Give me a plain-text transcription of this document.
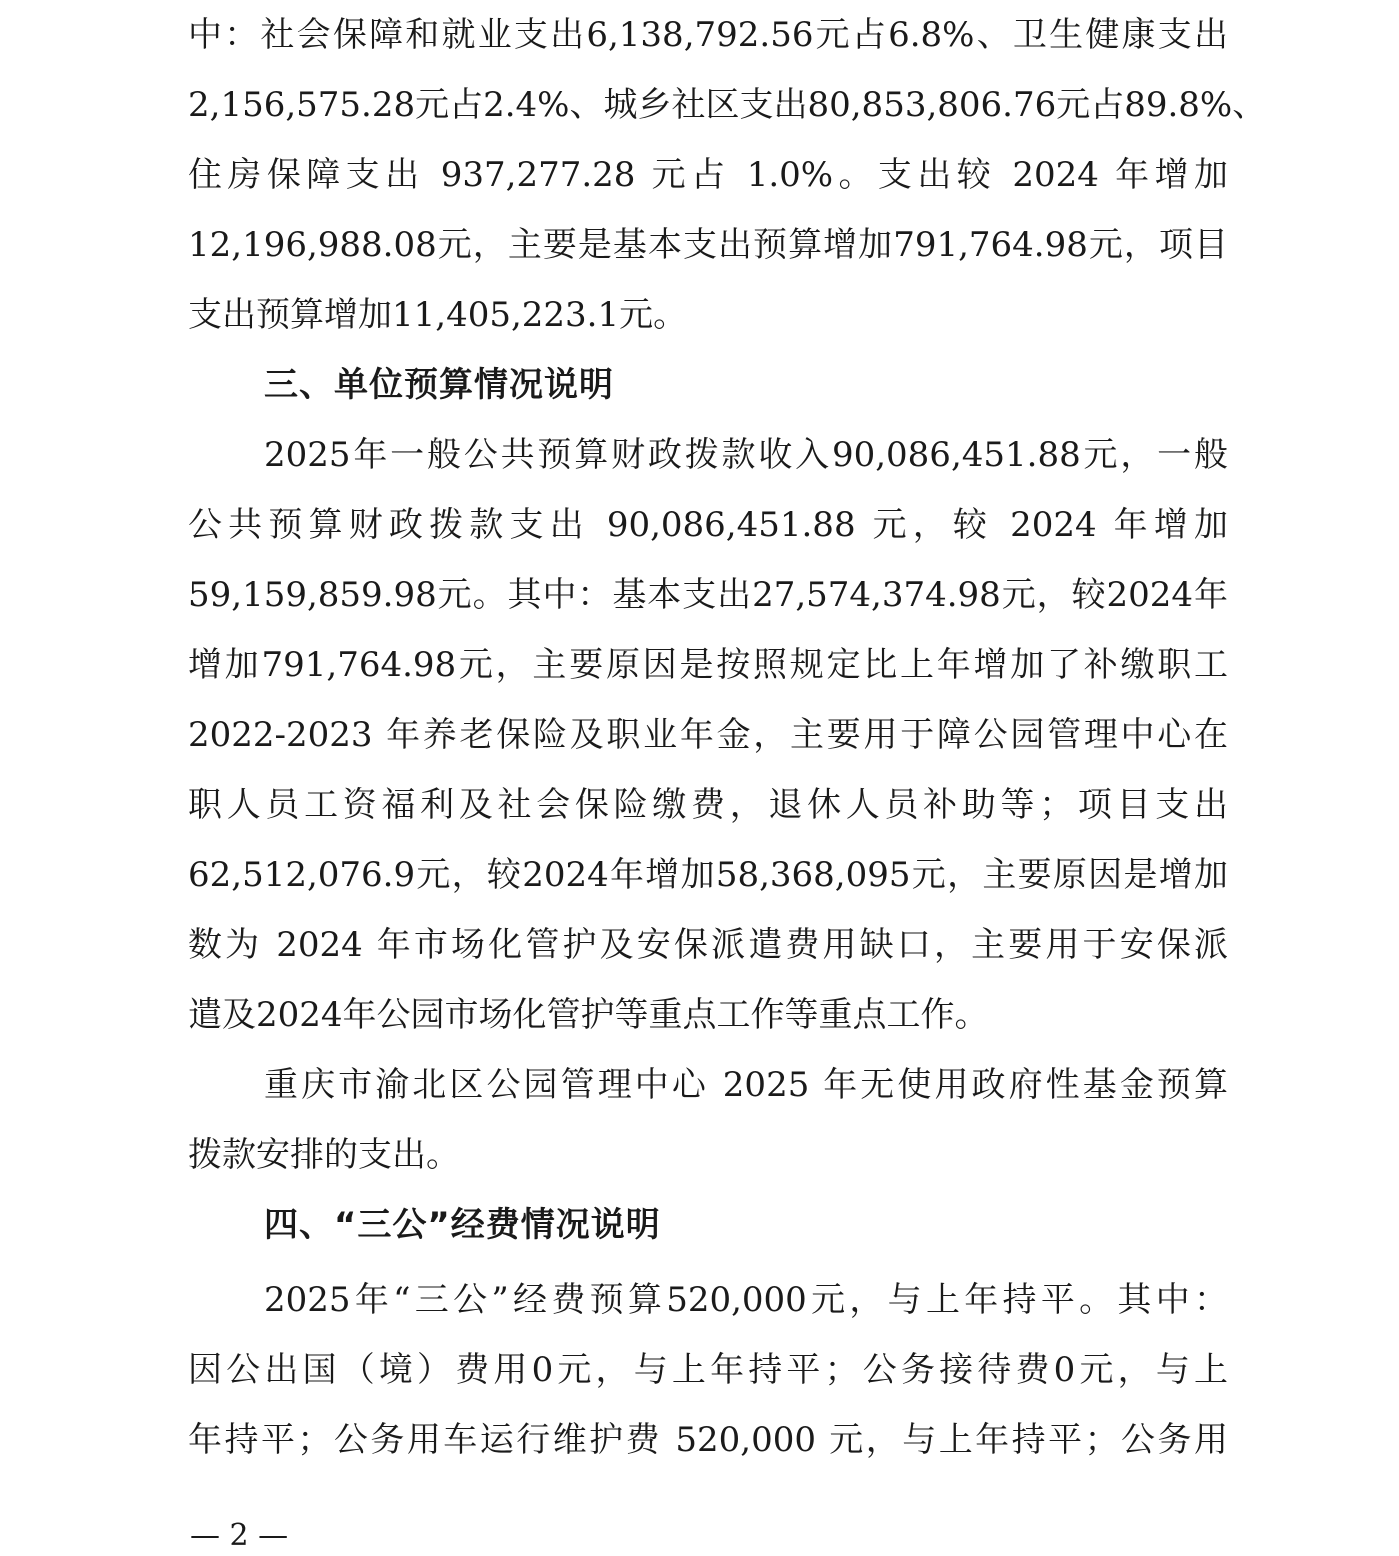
中：社会保障和就业支出6,138,792.56元占6.8%、卫生健康支出
2,156,575.28元占2.4%、城乡社区支出80,853,806.76元占89.8%、
住房保障支出 937,277.28 元占 1.0%。支出较 2024 年增加
12,196,988.08元，主要是基本支出预算增加791,764.98元，项目
支出预算增加11,405,223.1元。
三、单位预算情况说明
2025年一般公共预算财政拨款收入90,086,451.88元，一般
公共预算财政拨款支出 90,086,451.88 元，较 2024 年增加
59,159,859.98元。其中：基本支出27,574,374.98元，较2024年
增加791,764.98元，主要原因是按照规定比上年增加了补缴职工
2022-2023 年养老保险及职业年金，主要用于障公园管理中心在
职人员工资福利及社会保险缴费，退休人员补助等；项目支出
62,512,076.9元，较2024年增加58,368,095元，主要原因是增加
数为 2024 年市场化管护及安保派遣费用缺口，主要用于安保派
遣及2024年公园市场化管护等重点工作等重点工作。
重庆市渝北区公园管理中心 2025 年无使用政府性基金预算
拨款安排的支出。
四、“三公”经费情况说明
2025年“三公”经费预算520,000元，与上年持平。其中：
因公出国（境）费用0元，与上年持平；公务接待费0元，与上
年持平；公务用车运行维护费 520,000 元，与上年持平；公务用
— 2 —
